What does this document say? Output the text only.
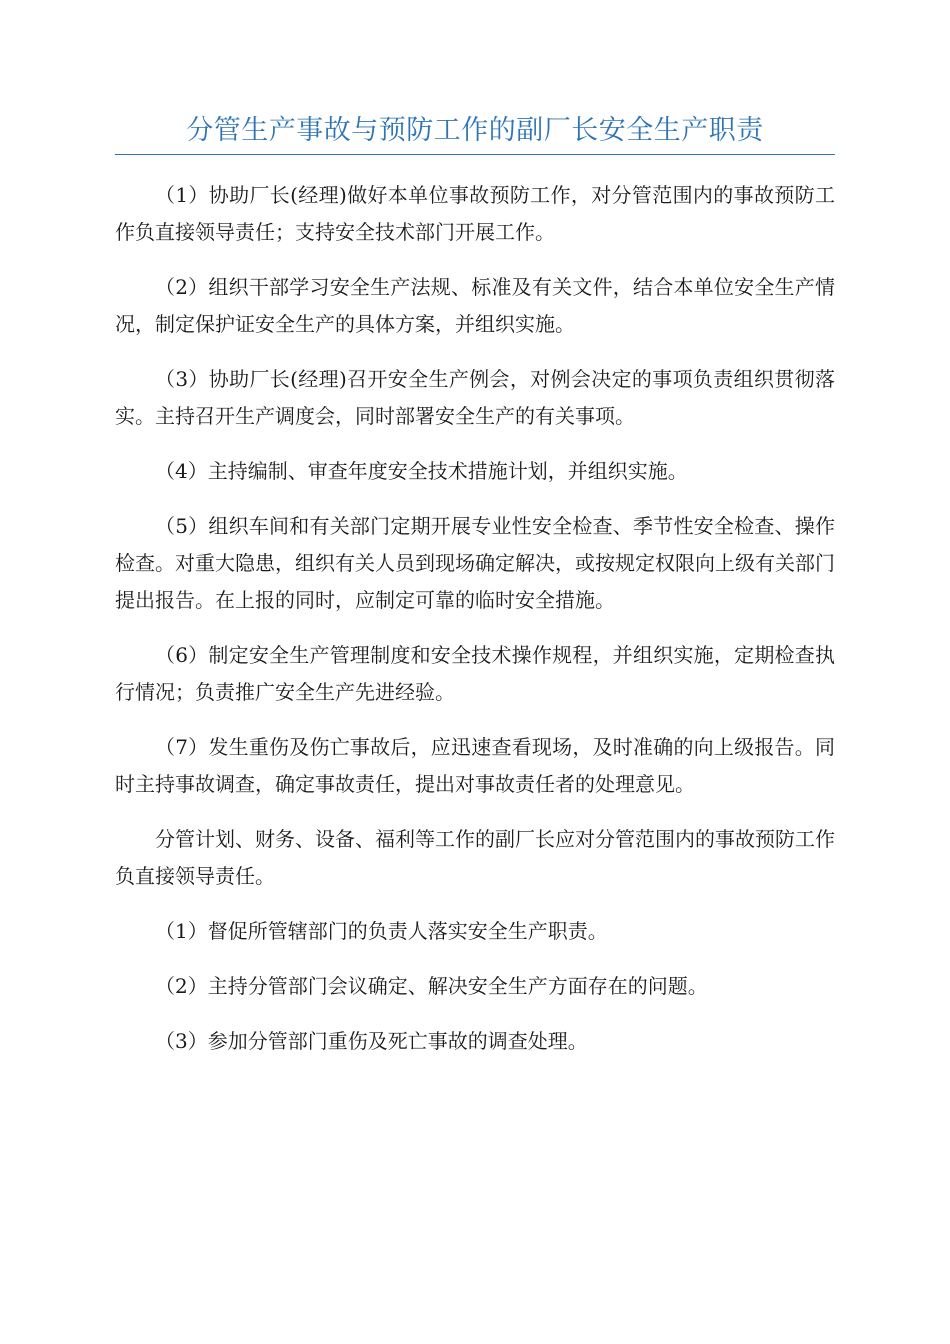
分管生产事故与预防工作的副厂长安全生产职责

（1）协助厂长(经理)做好本单位事故预防工作，对分管范围内的事故预防工作负直接领导责任；支持安全技术部门开展工作。

（2）组织干部学习安全生产法规、标准及有关文件，结合本单位安全生产情况，制定保护证安全生产的具体方案，并组织实施。

（3）协助厂长(经理)召开安全生产例会，对例会决定的事项负责组织贯彻落实。主持召开生产调度会，同时部署安全生产的有关事项。

（4）主持编制、审查年度安全技术措施计划，并组织实施。

（5）组织车间和有关部门定期开展专业性安全检查、季节性安全检查、操作检查。对重大隐患，组织有关人员到现场确定解决，或按规定权限向上级有关部门提出报告。在上报的同时，应制定可靠的临时安全措施。

（6）制定安全生产管理制度和安全技术操作规程，并组织实施，定期检查执行情况；负责推广安全生产先进经验。

（7）发生重伤及伤亡事故后，应迅速查看现场，及时准确的向上级报告。同时主持事故调查，确定事故责任，提出对事故责任者的处理意见。

分管计划、财务、设备、福利等工作的副厂长应对分管范围内的事故预防工作负直接领导责任。

（1）督促所管辖部门的负责人落实安全生产职责。

（2）主持分管部门会议确定、解决安全生产方面存在的问题。

（3）参加分管部门重伤及死亡事故的调查处理。
